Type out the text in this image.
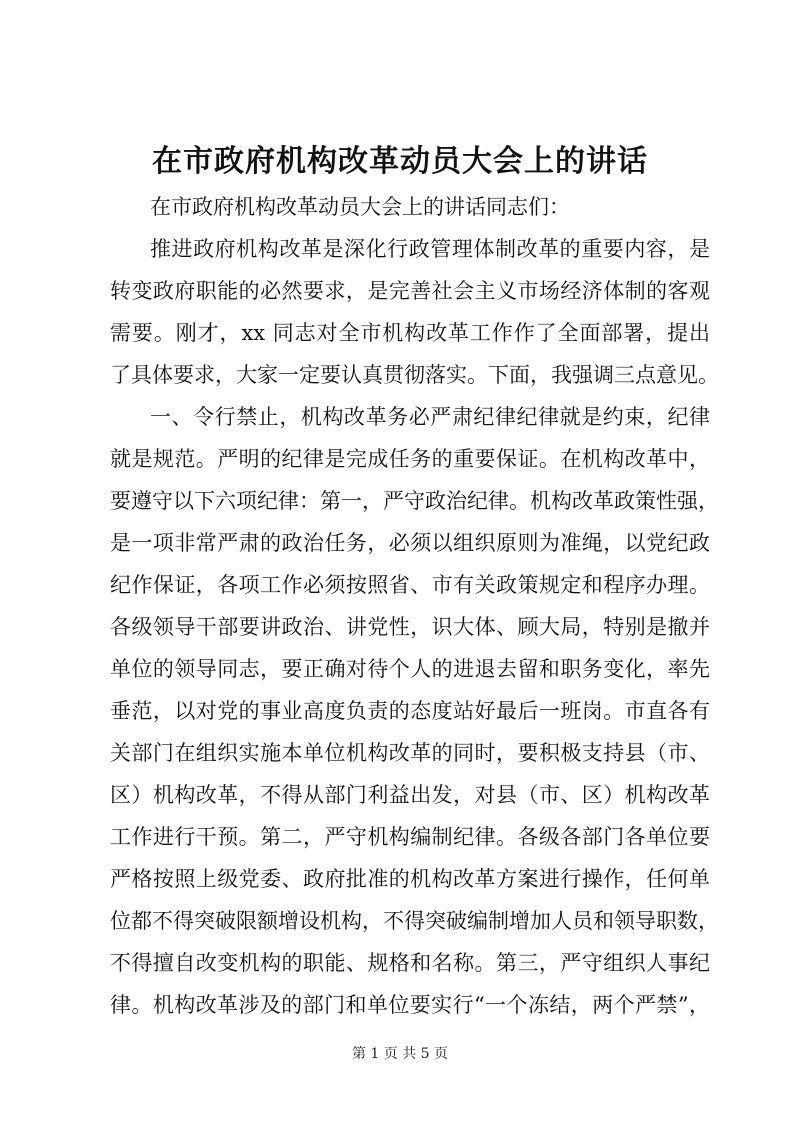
在市政府机构改革动员大会上的讲话
在市政府机构改革动员大会上的讲话同志们：
推进政府机构改革是深化行政管理体制改革的重要内容，是
转变政府职能的必然要求，是完善社会主义市场经济体制的客观
需要。刚才，xx 同志对全市机构改革工作作了全面部署，提出
了具体要求，大家一定要认真贯彻落实。下面，我强调三点意见。
一、令行禁止，机构改革务必严肃纪律纪律就是约束，纪律
就是规范。严明的纪律是完成任务的重要保证。在机构改革中，
要遵守以下六项纪律：第一，严守政治纪律。机构改革政策性强，
是一项非常严肃的政治任务，必须以组织原则为准绳，以党纪政
纪作保证，各项工作必须按照省、市有关政策规定和程序办理。
各级领导干部要讲政治、讲党性，识大体、顾大局，特别是撤并
单位的领导同志，要正确对待个人的进退去留和职务变化，率先
垂范，以对党的事业高度负责的态度站好最后一班岗。市直各有
关部门在组织实施本单位机构改革的同时，要积极支持县（市、
区）机构改革，不得从部门利益出发，对县（市、区）机构改革
工作进行干预。第二，严守机构编制纪律。各级各部门各单位要
严格按照上级党委、政府批准的机构改革方案进行操作，任何单
位都不得突破限额增设机构，不得突破编制增加人员和领导职数，
不得擅自改变机构的职能、规格和名称。第三，严守组织人事纪
律。机构改革涉及的部门和单位要实行“一个冻结，两个严禁”，
第 1 页 共 5 页
